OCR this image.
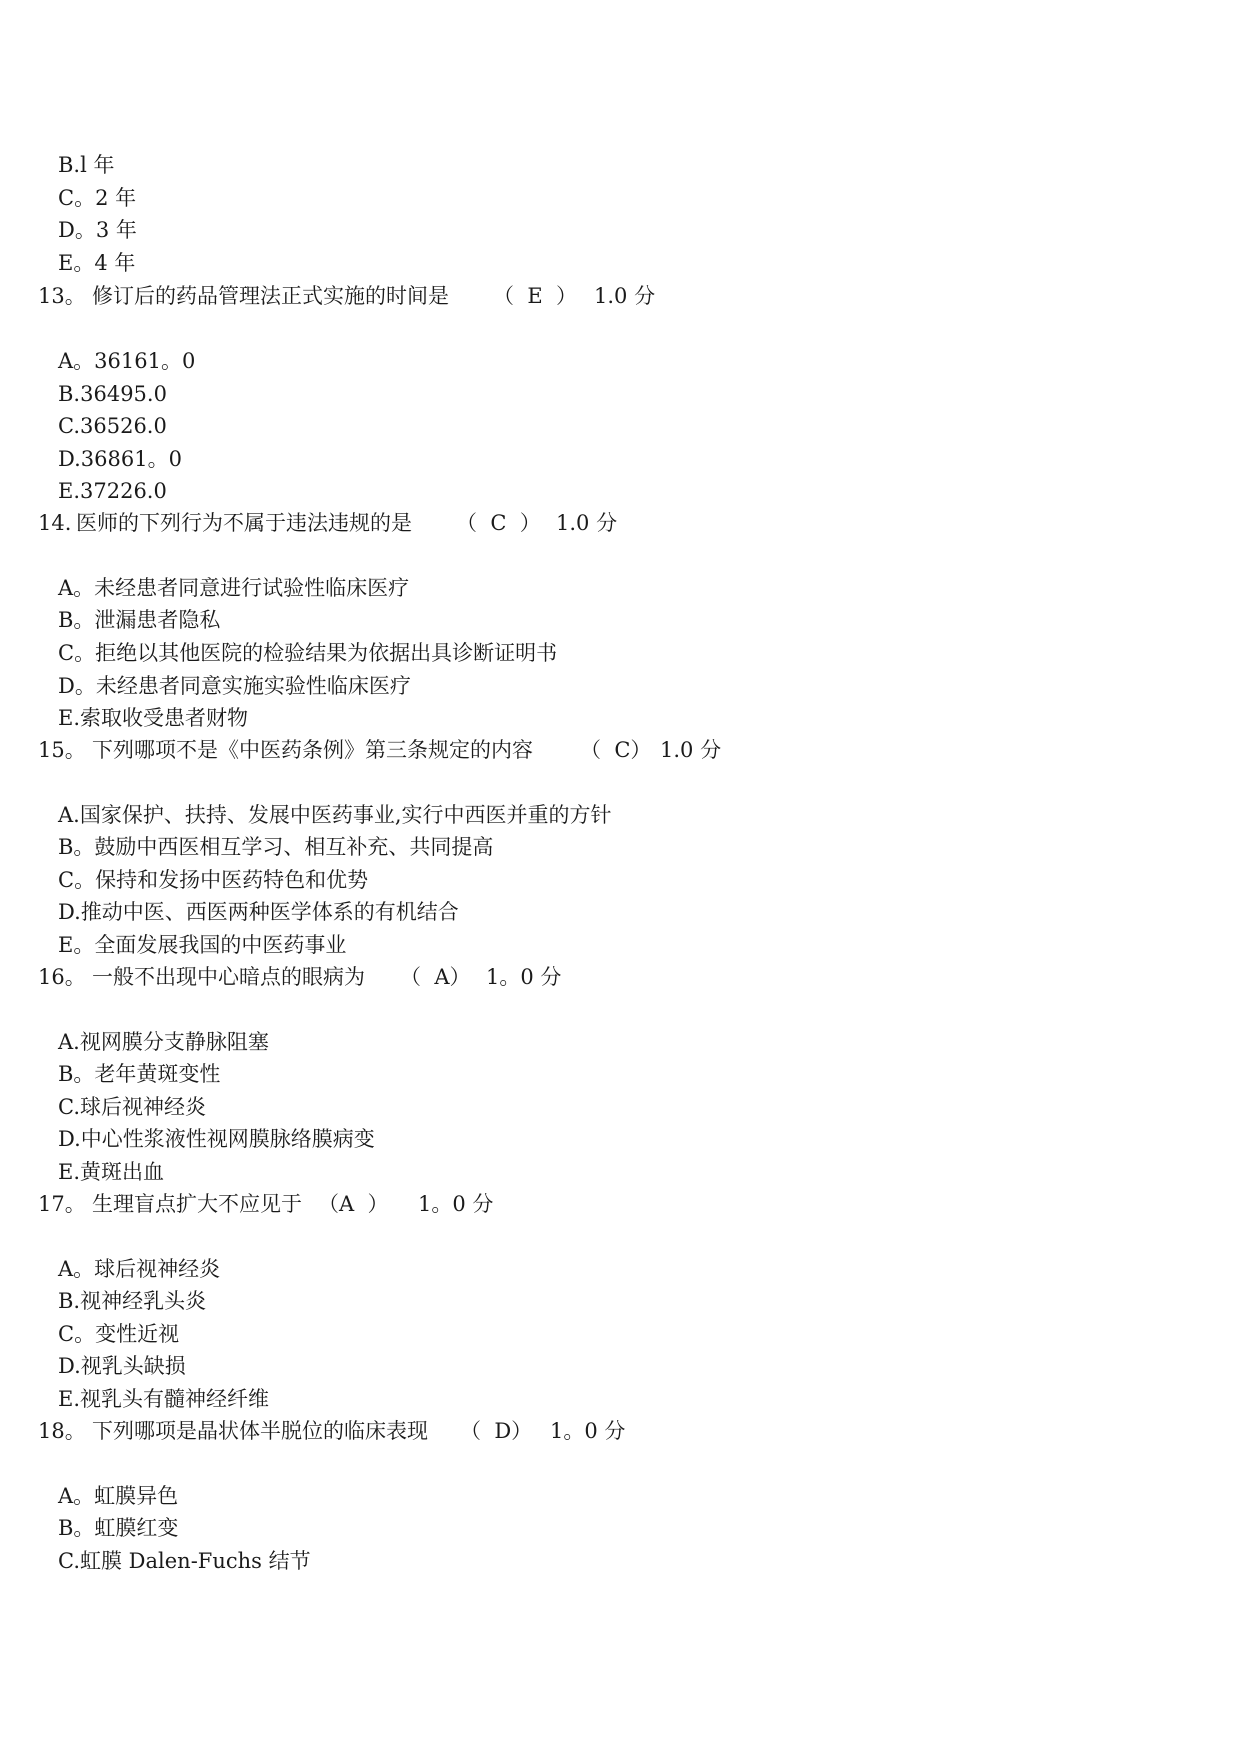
B.l 年
C。2 年
D。3 年
E。4 年

13。

修订后的药品管理法正式实施的时间是

（  E  ）

1.0 分

A。36161。0
B.36495.0
C.36526.0
D.36861。0
E.37226.0

14.

医师的下列行为不属于违法违规的是

（  C  ）

1.0 分

A。未经患者同意进行试验性临床医疗
B。泄漏患者隐私
C。拒绝以其他医院的检验结果为依据出具诊断证明书
D。未经患者同意实施实验性临床医疗
E.索取收受患者财物

15。

下列哪项不是《中医药条例》第三条规定的内容

（  C）

1.0 分

A.国家保护、扶持、发展中医药事业,实行中西医并重的方针
B。鼓励中西医相互学习、相互补充、共同提高
C。保持和发扬中医药特色和优势
D.推动中医、西医两种医学体系的有机结合
E。全面发展我国的中医药事业

16。

一般不出现中心暗点的眼病为

（  A）

1。0 分

A.视网膜分支静脉阻塞
B。老年黄斑变性
C.球后视神经炎
D.中心性浆液性视网膜脉络膜病变
E.黄斑出血

17。

生理盲点扩大不应见于

（A  ）

1。0 分

A。球后视神经炎
B.视神经乳头炎
C。变性近视
D.视乳头缺损
E.视乳头有髓神经纤维

18。

下列哪项是晶状体半脱位的临床表现

（  D）

1。0 分

A。虹膜异色
B。虹膜红变
C.虹膜 Dalen-Fuchs 结节
